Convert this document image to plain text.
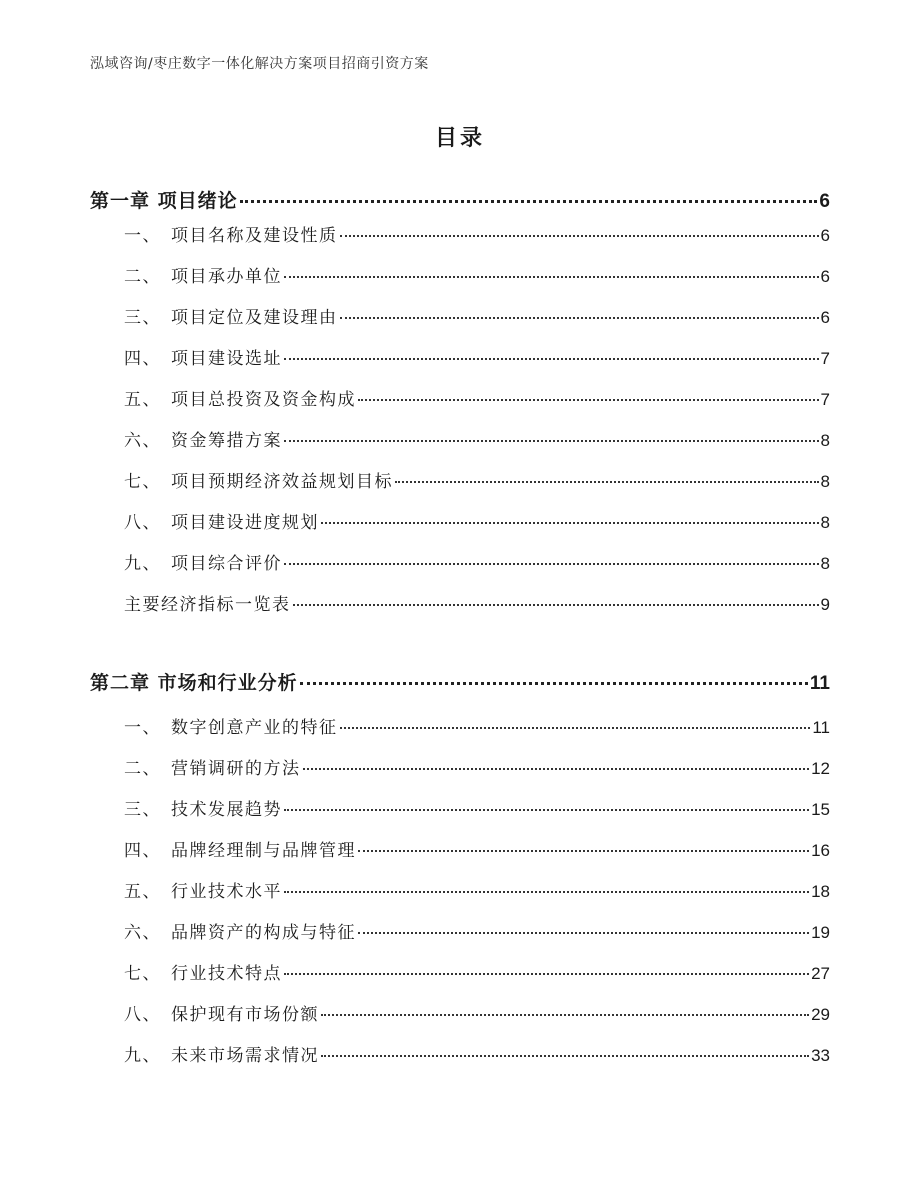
泓域咨询/枣庄数字一体化解决方案项目招商引资方案
目录
第一章 项目绪论	6
一、 项目名称及建设性质	6
二、 项目承办单位	6
三、 项目定位及建设理由	6
四、 项目建设选址	7
五、 项目总投资及资金构成	7
六、 资金筹措方案	8
七、 项目预期经济效益规划目标	8
八、 项目建设进度规划	8
九、 项目综合评价	8
主要经济指标一览表	9
第二章 市场和行业分析	11
一、 数字创意产业的特征	11
二、 营销调研的方法	12
三、 技术发展趋势	15
四、 品牌经理制与品牌管理	16
五、 行业技术水平	18
六、 品牌资产的构成与特征	19
七、 行业技术特点	27
八、 保护现有市场份额	29
九、 未来市场需求情况	33
